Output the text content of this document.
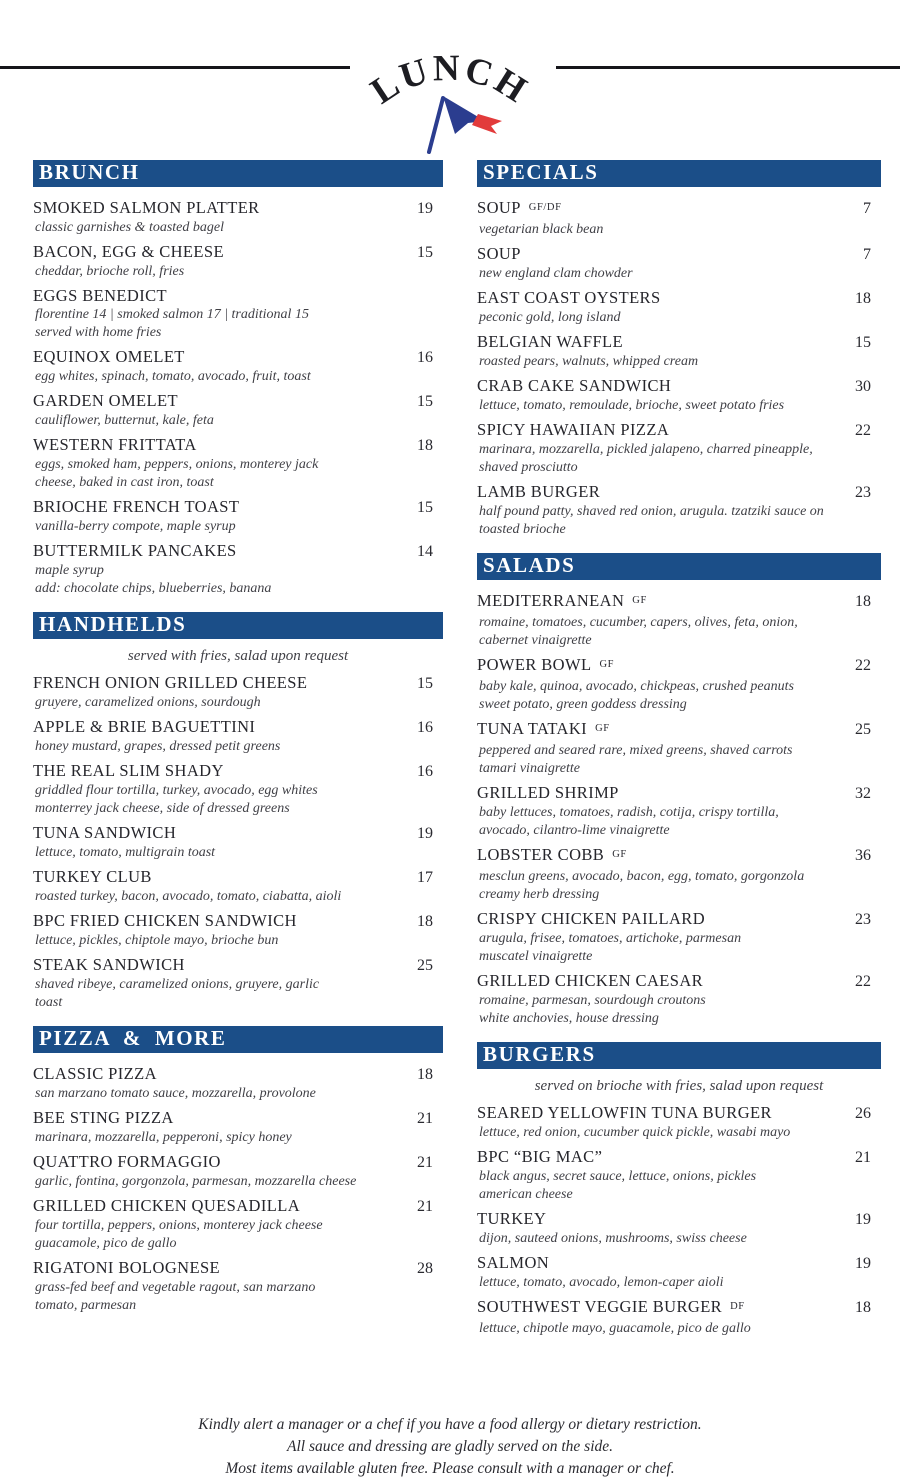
LUNCH
BRUNCH
SMOKED SALMON PLATTER	19
classic garnishes & toasted bagel
BACON, EGG & CHEESE	15
cheddar, brioche roll, fries
EGGS BENEDICT
florentine 14 | smoked salmon 17 | traditional 15
served with home fries
EQUINOX OMELET	16
egg whites, spinach, tomato, avocado, fruit, toast
GARDEN OMELET	15
cauliflower, butternut, kale, feta
WESTERN FRITTATA	18
eggs, smoked ham, peppers, onions, monterey jack
cheese, baked in cast iron, toast
BRIOCHE FRENCH TOAST	15
vanilla-berry compote, maple syrup
BUTTERMILK PANCAKES	14
maple syrup
add: chocolate chips, blueberries, banana
HANDHELDS
served with fries, salad upon request
FRENCH ONION GRILLED CHEESE	15
gruyere, caramelized onions, sourdough
APPLE & BRIE BAGUETTINI	16
honey mustard, grapes, dressed petit greens
THE REAL SLIM SHADY	16
griddled flour tortilla, turkey, avocado, egg whites
monterrey jack cheese, side of dressed greens
TUNA SANDWICH	19
lettuce, tomato, multigrain toast
TURKEY CLUB	17
roasted turkey, bacon, avocado, tomato, ciabatta, aioli
BPC FRIED CHICKEN SANDWICH	18
lettuce, pickles, chiptole mayo, brioche bun
STEAK SANDWICH	25
shaved ribeye, caramelized onions, gruyere, garlic
toast
PIZZA & MORE
CLASSIC PIZZA	18
san marzano tomato sauce, mozzarella, provolone
BEE STING PIZZA	21
marinara, mozzarella, pepperoni, spicy honey
QUATTRO FORMAGGIO	21
garlic, fontina, gorgonzola, parmesan, mozzarella cheese
GRILLED CHICKEN QUESADILLA	21
four tortilla, peppers, onions, monterey jack cheese
guacamole, pico de gallo
RIGATONI BOLOGNESE	28
grass-fed beef and vegetable ragout, san marzano
tomato, parmesan
SPECIALS
SOUP GF/DF	7
vegetarian black bean
SOUP	7
new england clam chowder
EAST COAST OYSTERS	18
peconic gold, long island
BELGIAN WAFFLE	15
roasted pears, walnuts, whipped cream
CRAB CAKE SANDWICH	30
lettuce, tomato, remoulade, brioche, sweet potato fries
SPICY HAWAIIAN PIZZA	22
marinara, mozzarella, pickled jalapeno, charred pineapple,
shaved prosciutto
LAMB BURGER	23
half pound patty, shaved red onion, arugula. tzatziki sauce on
toasted brioche
SALADS
MEDITERRANEAN GF	18
romaine, tomatoes, cucumber, capers, olives, feta, onion,
cabernet vinaigrette
POWER BOWL GF	22
baby kale, quinoa, avocado, chickpeas, crushed peanuts
sweet potato, green goddess dressing
TUNA TATAKI GF	25
peppered and seared rare, mixed greens, shaved carrots
tamari vinaigrette
GRILLED SHRIMP	32
baby lettuces, tomatoes, radish, cotija, crispy tortilla,
avocado, cilantro-lime vinaigrette
LOBSTER COBB GF	36
mesclun greens, avocado, bacon, egg, tomato, gorgonzola
creamy herb dressing
CRISPY CHICKEN PAILLARD	23
arugula, frisee, tomatoes, artichoke, parmesan
muscatel vinaigrette
GRILLED CHICKEN CAESAR	22
romaine, parmesan, sourdough croutons
white anchovies, house dressing
BURGERS
served on brioche with fries, salad upon request
SEARED YELLOWFIN TUNA BURGER	26
lettuce, red onion, cucumber quick pickle, wasabi mayo
BPC “BIG MAC”	21
black angus, secret sauce, lettuce, onions, pickles
american cheese
TURKEY	19
dijon, sauteed onions, mushrooms, swiss cheese
SALMON	19
lettuce, tomato, avocado, lemon-caper aioli
SOUTHWEST VEGGIE BURGER DF	18
lettuce, chipotle mayo, guacamole, pico de gallo
Kindly alert a manager or a chef if you have a food allergy or dietary restriction.
All sauce and dressing are gladly served on the side.
Most items available gluten free. Please consult with a manager or chef.
